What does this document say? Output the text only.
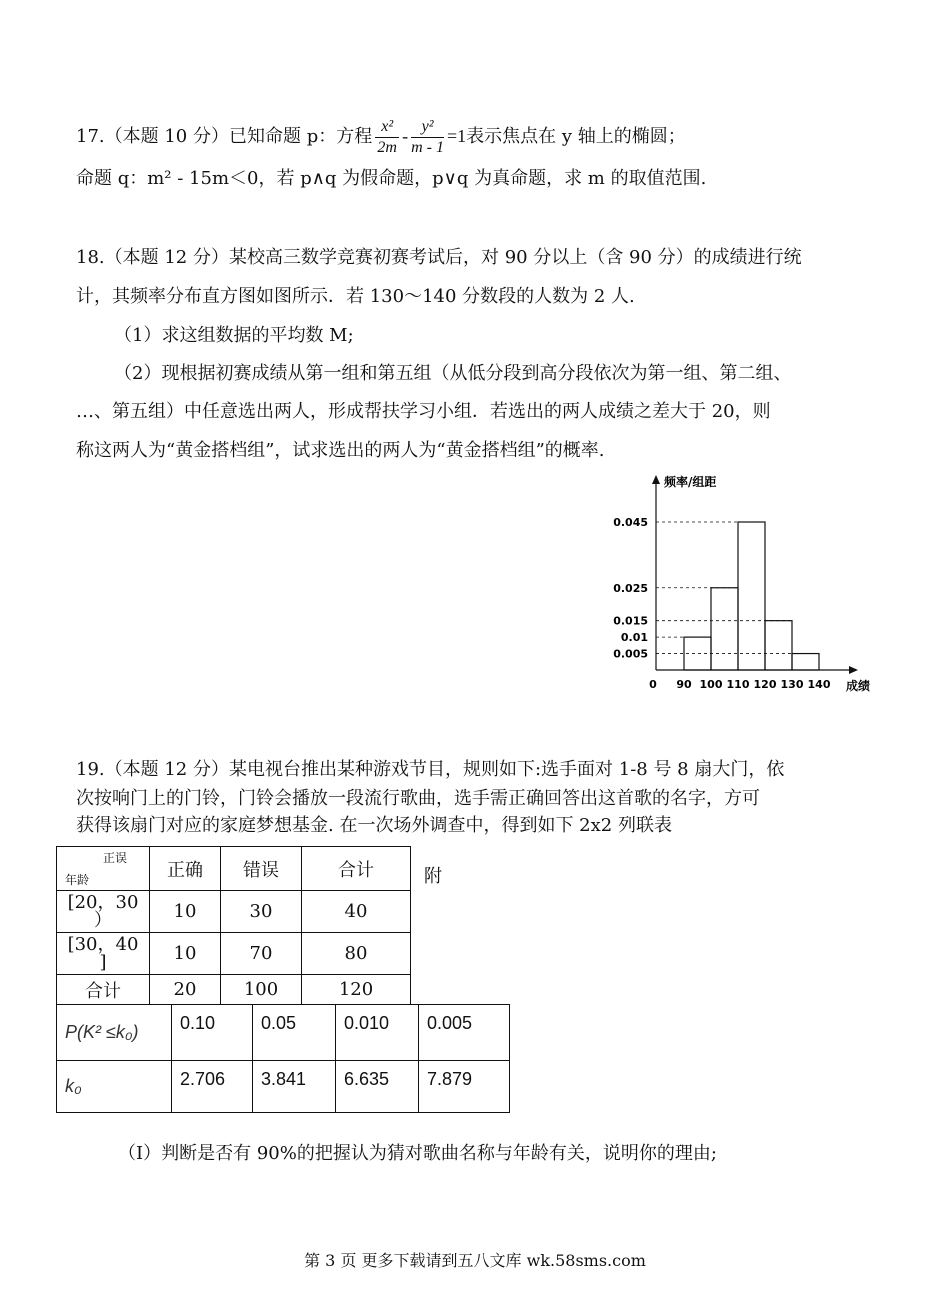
17.（本题 10 分）已知命题 p：方程 $\frac{\text{x²}}{2m} - \frac{\text{y²}}{m - 1} =1$表示焦点在 y 轴上的椭圆；
命题 q：m² - 15m＜0，若 p∧q 为假命题，p∨q 为真命题，求 m 的取值范围.
18.（本题 12 分）某校高三数学竞赛初赛考试后，对 90 分以上（含 90 分）的成绩进行统
计，其频率分布直方图如图所示．若 130～140 分数段的人数为 2 人.
（1）求这组数据的平均数 M;
（2）现根据初赛成绩从第一组和第五组（从低分段到高分段依次为第一组、第二组、
…、第五组）中任意选出两人，形成帮扶学习小组．若选出的两人成绩之差大于 20，则
称这两人为“黄金搭档组”，试求选出的两人为“黄金搭档组”的概率.
频率/组距
成绩
0
0.045
0.025
0.015
0.01
0.005
90 100 110 120 130 140
19.（本题 12 分）某电视台推出某种游戏节目，规则如下:选手面对 1-8 号 8 扇大门，依
次按响门上的门铃，门铃会播放一段流行歌曲，选手需正确回答出这首歌的名字，方可
获得该扇门对应的家庭梦想基金. 在一次场外调查中，得到如下 2x2 列联表
正误
年龄	正确	错误	合计

[20，30
）	10	30	40

[30，40
]	10	70	80
合计	20	100	120
附
P(K² ≤k₀)	0.10	0.05	0.010	0.005
k₀	2.706	3.841	6.635	7.879
（Ⅰ）判断是否有 90%的把握认为猜对歌曲名称与年龄有关，说明你的理由;
第 3 页 更多下载请到五八文库 wk.58sms.com
